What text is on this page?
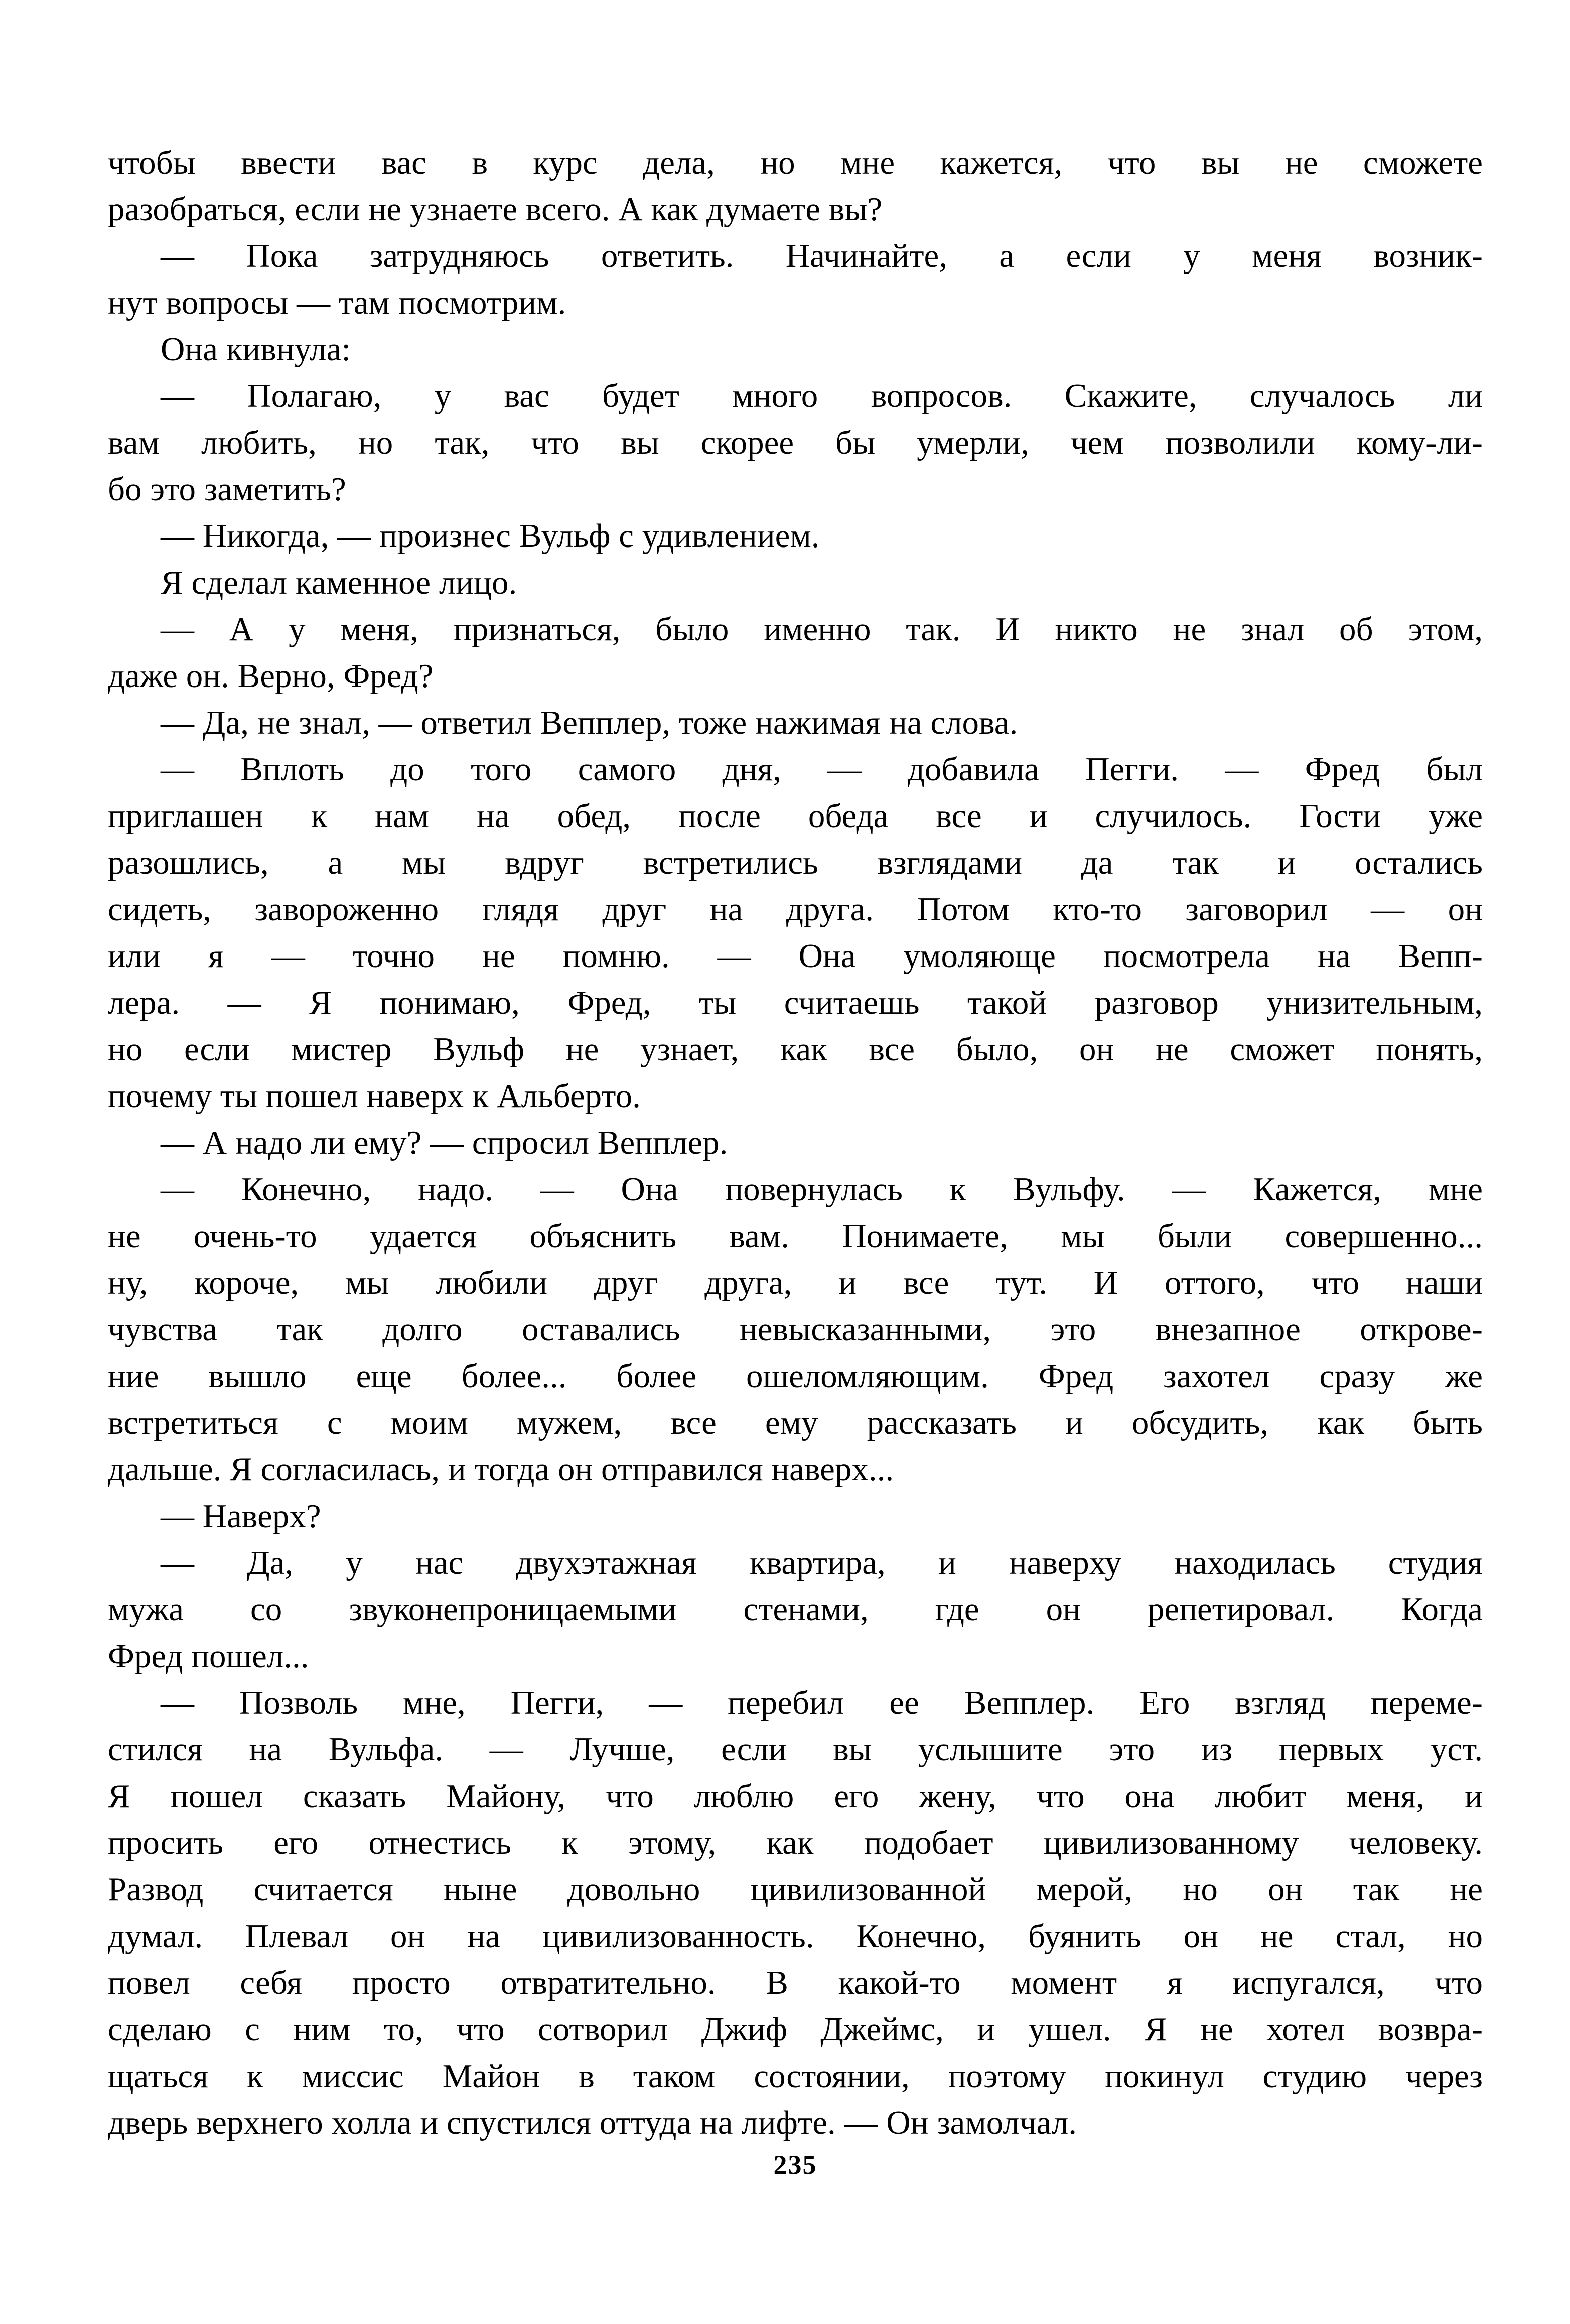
чтобы ввести вас в курс дела, но мне кажется, что вы не сможете
разобраться, если не узнаете всего. А как думаете вы?
— Пока затрудняюсь ответить. Начинайте, а если у меня возник-
нут вопросы — там посмотрим.
Она кивнула:
— Полагаю, у вас будет много вопросов. Скажите, случалось ли
вам любить, но так, что вы скорее бы умерли, чем позволили кому-ли-
бо это заметить?
— Никогда, — произнес Вульф с удивлением.
Я сделал каменное лицо.
— А у меня, признаться, было именно так. И никто не знал об этом,
даже он. Верно, Фред?
— Да, не знал, — ответил Вепплер, тоже нажимая на слова.
— Вплоть до того самого дня, — добавила Пегги. — Фред был
приглашен к нам на обед, после обеда все и случилось. Гости уже
разошлись, а мы вдруг встретились взглядами да так и остались
сидеть, завороженно глядя друг на друга. Потом кто-то заговорил — он
или я — точно не помню. — Она умоляюще посмотрела на Вепп-
лера. — Я понимаю, Фред, ты считаешь такой разговор унизительным,
но если мистер Вульф не узнает, как все было, он не сможет понять,
почему ты пошел наверх к Альберто.
— А надо ли ему? — спросил Вепплер.
— Конечно, надо. — Она повернулась к Вульфу. — Кажется, мне
не очень-то удается объяснить вам. Понимаете, мы были совершенно...
ну, короче, мы любили друг друга, и все тут. И оттого, что наши
чувства так долго оставались невысказанными, это внезапное открове-
ние вышло еще более... более ошеломляющим. Фред захотел сразу же
встретиться с моим мужем, все ему рассказать и обсудить, как быть
дальше. Я согласилась, и тогда он отправился наверх...
— Наверх?
— Да, у нас двухэтажная квартира, и наверху находилась студия
мужа со звуконепроницаемыми стенами, где он репетировал. Когда
Фред пошел...
— Позволь мне, Пегги, — перебил ее Вепплер. Его взгляд переме-
стился на Вульфа. — Лучше, если вы услышите это из первых уст.
Я пошел сказать Майону, что люблю его жену, что она любит меня, и
просить его отнестись к этому, как подобает цивилизованному человеку.
Развод считается ныне довольно цивилизованной мерой, но он так не
думал. Плевал он на цивилизованность. Конечно, буянить он не стал, но
повел себя просто отвратительно. В какой-то момент я испугался, что
сделаю с ним то, что сотворил Джиф Джеймс, и ушел. Я не хотел возвра-
щаться к миссис Майон в таком состоянии, поэтому покинул студию через
дверь верхнего холла и спустился оттуда на лифте. — Он замолчал.
235
